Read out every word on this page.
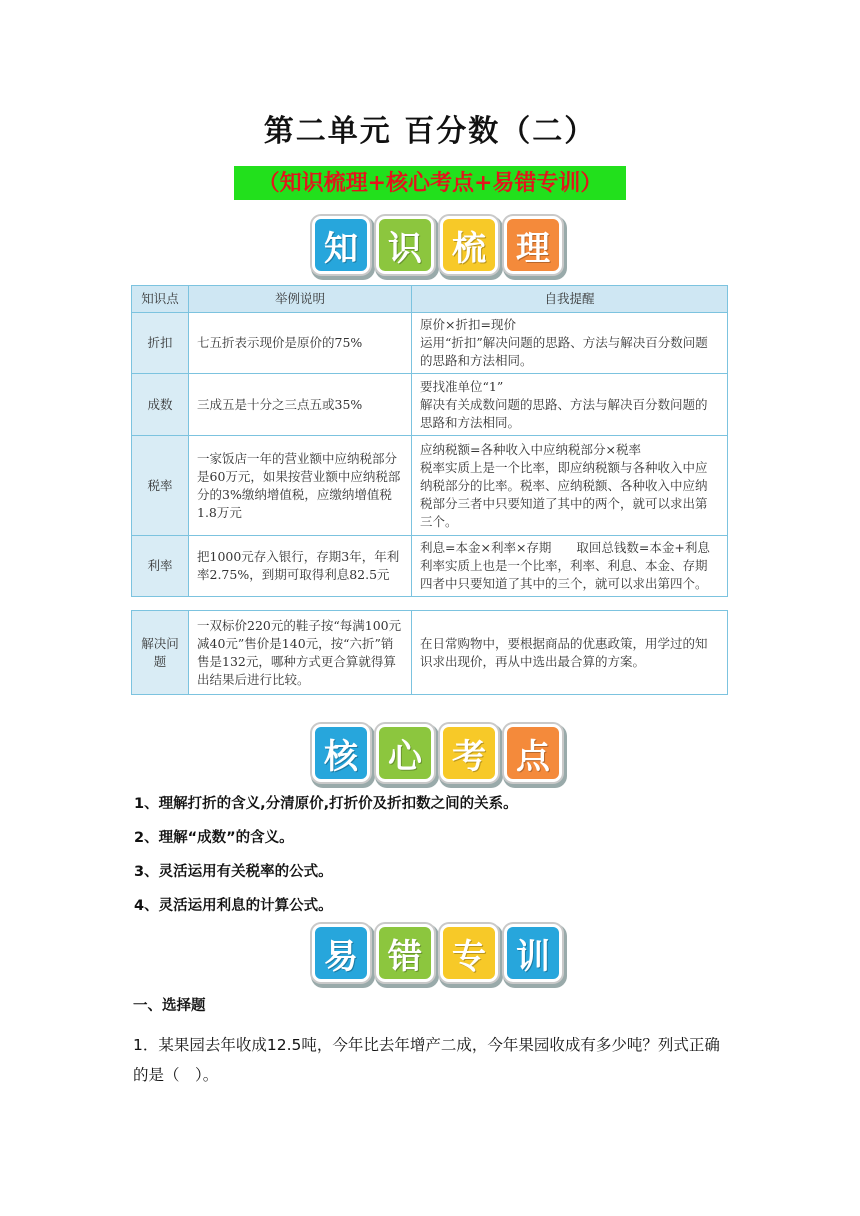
第二单元 百分数（二）
（知识梳理+核心考点+易错专训）
知 识 梳 理
知识点	举例说明	自我提醒
折扣	七五折表示现价是原价的75%	原价×折扣=现价
运用“折扣”解决问题的思路、方法与解决百分数问题的思路和方法相同。
成数	三成五是十分之三点五或35%	要找准单位“1”
解决有关成数问题的思路、方法与解决百分数问题的思路和方法相同。
税率	一家饭店一年的营业额中应纳税部分是60万元，如果按营业额中应纳税部分的3%缴纳增值税，应缴纳增值税1.8万元	应纳税额=各种收入中应纳税部分×税率
税率实质上是一个比率，即应纳税额与各种收入中应纳税部分的比率。税率、应纳税额、各种收入中应纳税部分三者中只要知道了其中的两个，就可以求出第三个。
利率	把1000元存入银行，存期3年，年利率2.75%，到期可取得利息82.5元	利息=本金×利率×存期　　取回总钱数=本金+利息
利率实质上也是一个比率，利率、利息、本金、存期四者中只要知道了其中的三个，就可以求出第四个。
解决问题	一双标价220元的鞋子按“每满100元减40元”售价是140元，按“六折”销售是132元，哪种方式更合算就得算出结果后进行比较。	在日常购物中，要根据商品的优惠政策，用学过的知识求出现价，再从中选出最合算的方案。
核 心 考 点
1、理解打折的含义,分清原价,打折价及折扣数之间的关系。
2、理解“成数”的含义。
3、灵活运用有关税率的公式。
4、灵活运用利息的计算公式。
易 错 专 训
一、选择题
1．某果园去年收成12.5吨，今年比去年增产二成，今年果园收成有多少吨？列式正确的是（　）。
